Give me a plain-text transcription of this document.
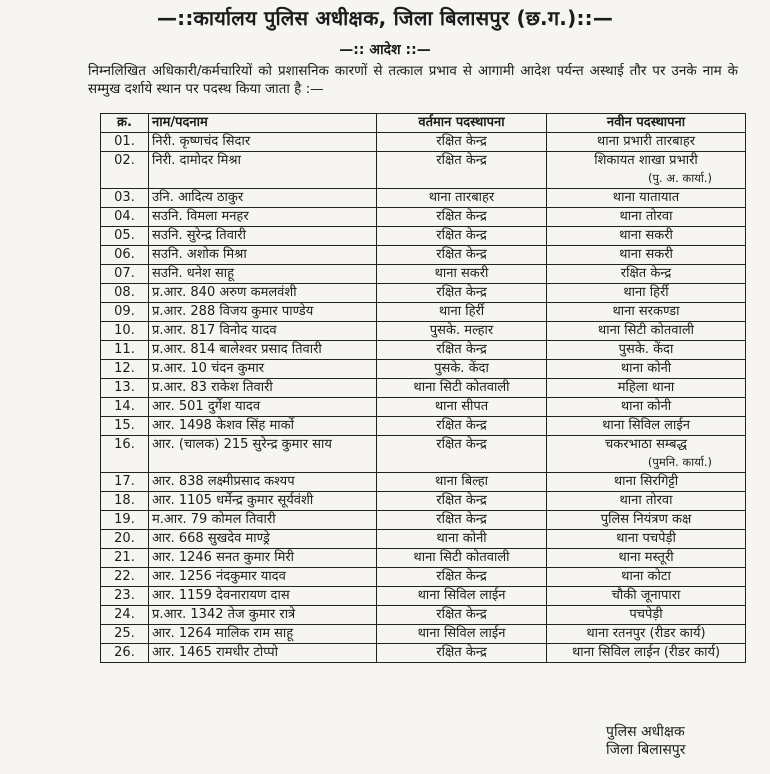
—::कार्यालय पुलिस अधीक्षक, जिला बिलासपुर (छ.ग.)::—
—:: आदेश ::—
निम्नलिखित अधिकारी/कर्मचारियों को प्रशासनिक कारणों से तत्काल प्रभाव से आगामी आदेश पर्यन्त अस्थाई तौर पर उनके नाम के सम्मुख दर्शाये स्थान पर पदस्थ किया जाता है :—
क्र.	नाम/पदनाम	वर्तमान पदस्थापना	नवीन पदस्थापना
01.	निरी. कृष्णचंद सिदार	रक्षित केन्द्र	थाना प्रभारी तारबाहर
02.	निरी. दामोदर मिश्रा	रक्षित केन्द्र	शिकायत शाखा प्रभारी
(पु. अ. कार्या.)

03.	उनि. आदित्य ठाकुर	थाना तारबाहर	थाना यातायात
04.	सउनि. विमला मनहर	रक्षित केन्द्र	थाना तोरवा
05.	सउनि. सुरेन्द्र तिवारी	रक्षित केन्द्र	थाना सकरी
06.	सउनि. अशोक मिश्रा	रक्षित केन्द्र	थाना सकरी
07.	सउनि. धनेश साहू	थाना सकरी	रक्षित केन्द्र
08.	प्र.आर. 840 अरुण कमलवंशी	रक्षित केन्द्र	थाना हिर्री
09.	प्र.आर. 288 विजय कुमार पाण्डेय	थाना हिर्री	थाना सरकण्डा
10.	प्र.आर. 817 विनोद यादव	पुसके. मल्हार	थाना सिटी कोतवाली
11.	प्र.आर. 814 बालेश्वर प्रसाद तिवारी	रक्षित केन्द्र	पुसके. केंदा
12.	प्र.आर. 10 चंदन कुमार	पुसके. केंदा	थाना कोनी
13.	प्र.आर. 83 राकेश तिवारी	थाना सिटी कोतवाली	महिला थाना
14.	आर. 501 दुर्गेश यादव	थाना सीपत	थाना कोनी
15.	आर. 1498 केशव सिंह मार्को	रक्षित केन्द्र	थाना सिविल लाईन
16.	आर. (चालक) 215 सुरेन्द्र कुमार साय	रक्षित केन्द्र	चकरभाठा सम्बद्ध
(पुमनि. कार्या.)

17.	आर. 838 लक्ष्मीप्रसाद कश्यप	थाना बिल्हा	थाना सिरगिट्टी
18.	आर. 1105 धर्मेन्द्र कुमार सूर्यवंशी	रक्षित केन्द्र	थाना तोरवा
19.	म.आर. 79 कोमल तिवारी	रक्षित केन्द्र	पुलिस नियंत्रण कक्ष
20.	आर. 668 सुखदेव माण्ड्रे	थाना कोनी	थाना पचपेड़ी
21.	आर. 1246 सनत कुमार मिरी	थाना सिटी कोतवाली	थाना मस्तूरी
22.	आर. 1256 नंदकुमार यादव	रक्षित केन्द्र	थाना कोटा
23.	आर. 1159 देवनारायण दास	थाना सिविल लाईन	चौकी जूनापारा
24.	प्र.आर. 1342 तेज कुमार रात्रे	रक्षित केन्द्र	पचपेड़ी
25.	आर. 1264 मालिक राम साहू	थाना सिविल लाईन	थाना रतनपुर (रीडर कार्य)
26.	आर. 1465 रामधीर टोप्पो	रक्षित केन्द्र	थाना सिविल लाईन (रीडर कार्य)
पुलिस अधीक्षक
जिला बिलासपुर
